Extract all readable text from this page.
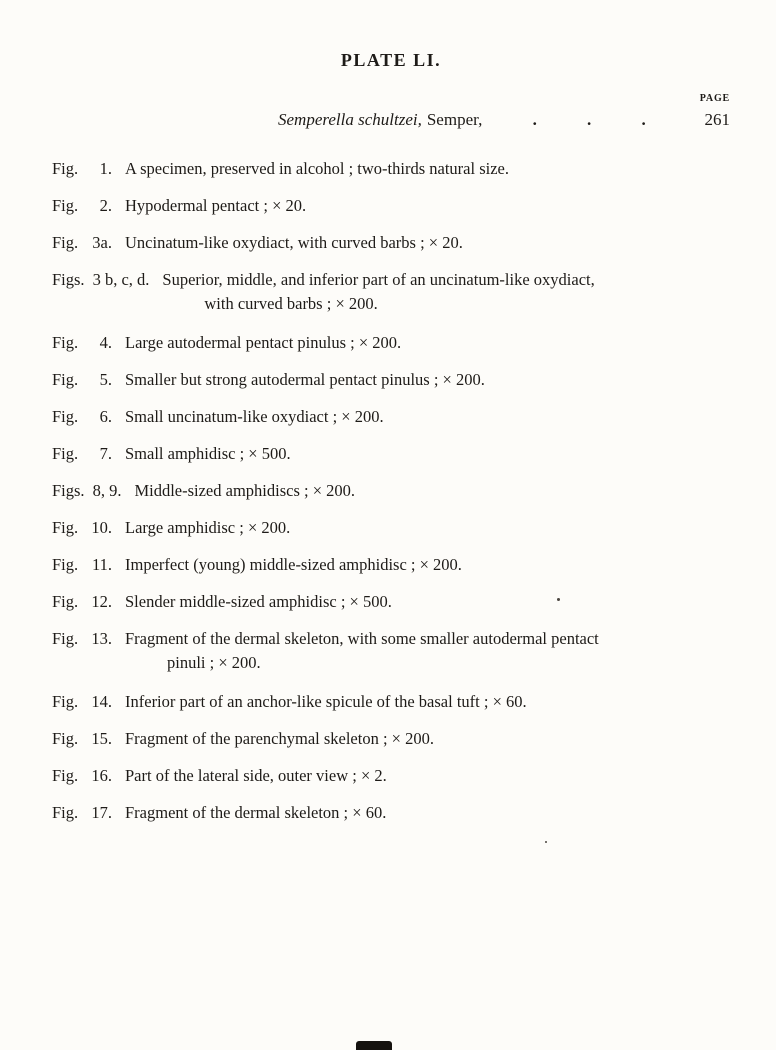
PLATE LI.
PAGE
Semperella schultzei, Semper,	.	.	.	261
Fig. 1. A specimen, preserved in alcohol ; two-thirds natural size.
Fig. 2. Hypodermal pentact ; × 20.
Fig. 3a. Uncinatum-like oxydiact, with curved barbs ; × 20.
Figs. 3 b, c, d. Superior, middle, and inferior part of an uncinatum-like oxydiact,
with curved barbs ; × 200.
Fig. 4. Large autodermal pentact pinulus ; × 200.
Fig. 5. Smaller but strong autodermal pentact pinulus ; × 200.
Fig. 6. Small uncinatum-like oxydiact ; × 200.
Fig. 7. Small amphidisc ; × 500.
Figs. 8, 9. Middle-sized amphidiscs ; × 200.
Fig. 10. Large amphidisc ; × 200.
Fig. 11. Imperfect (young) middle-sized amphidisc ; × 200.
Fig. 12. Slender middle-sized amphidisc ; × 500.
Fig. 13. Fragment of the dermal skeleton, with some smaller autodermal pentact
pinuli ; × 200.
Fig. 14. Inferior part of an anchor-like spicule of the basal tuft ; × 60.
Fig. 15. Fragment of the parenchymal skeleton ; × 200.
Fig. 16. Part of the lateral side, outer view ; × 2.
Fig. 17. Fragment of the dermal skeleton ; × 60.
